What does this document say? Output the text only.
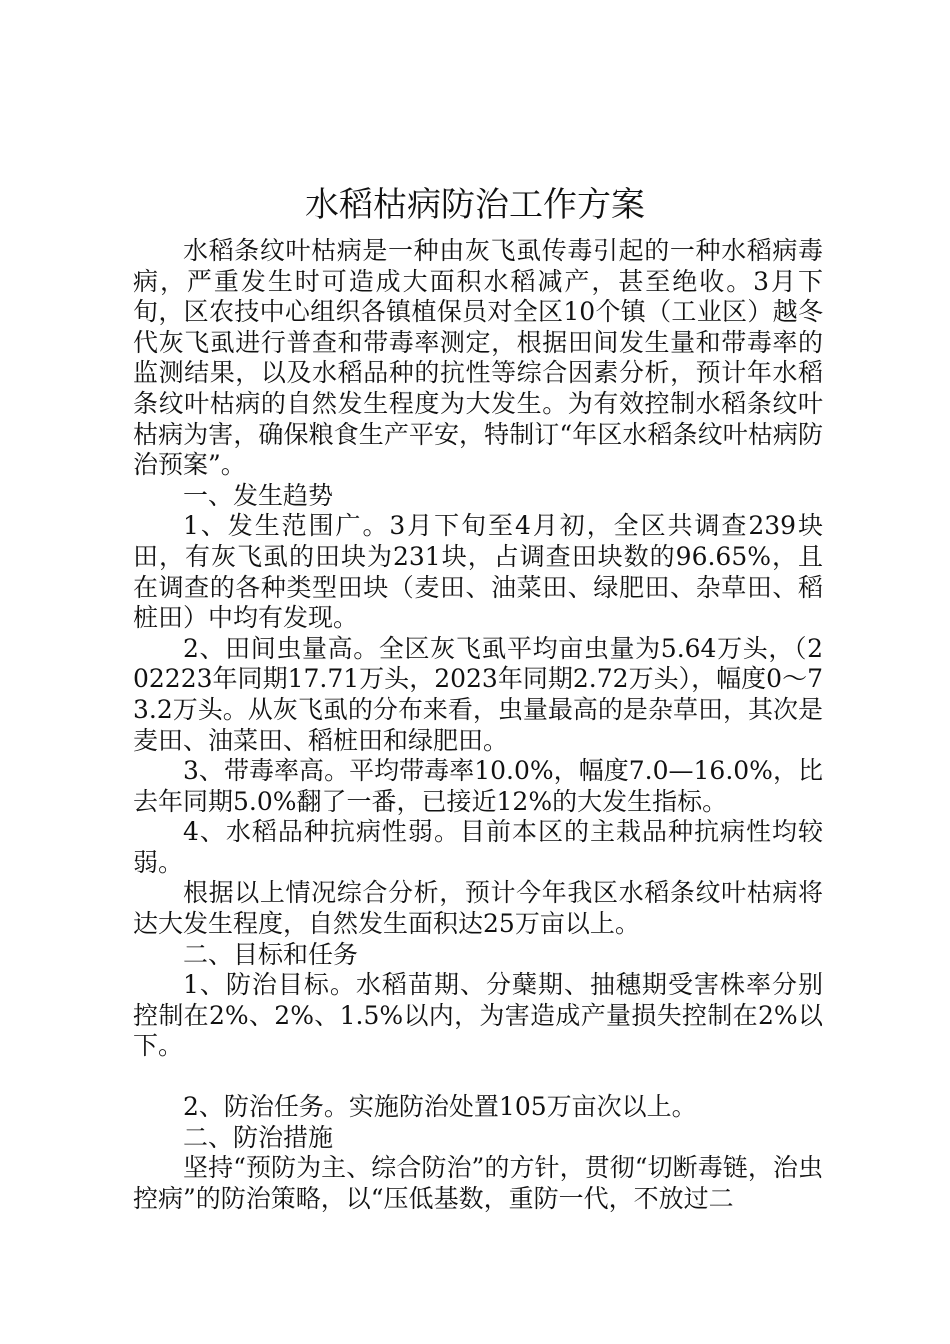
水稻枯病防治工作方案

水稻条纹叶枯病是一种由灰飞虱传毒引起的一种水稻病毒病，严重发生时可造成大面积水稻减产，甚至绝收。3月下旬，区农技中心组织各镇植保员对全区10个镇（工业区）越冬代灰飞虱进行普查和带毒率测定，根据田间发生量和带毒率的监测结果，以及水稻品种的抗性等综合因素分析，预计年水稻条纹叶枯病的自然发生程度为大发生。为有效控制水稻条纹叶枯病为害，确保粮食生产平安，特制订“年区水稻条纹叶枯病防治预案”。

一、发生趋势

1、发生范围广。3月下旬至4月初，全区共调查239块田，有灰飞虱的田块为231块，占调查田块数的96.65%，且在调查的各种类型田块（麦田、油菜田、绿肥田、杂草田、稻桩田）中均有发现。

2、田间虫量高。全区灰飞虱平均亩虫量为5.64万头，（202223年同期17.71万头，2023年同期2.72万头），幅度0～73.2万头。从灰飞虱的分布来看，虫量最高的是杂草田，其次是麦田、油菜田、稻桩田和绿肥田。

3、带毒率高。平均带毒率10.0%，幅度7.0—16.0%，比去年同期5.0%翻了一番，已接近12%的大发生指标。

4、水稻品种抗病性弱。目前本区的主栽品种抗病性均较弱。

根据以上情况综合分析，预计今年我区水稻条纹叶枯病将达大发生程度，自然发生面积达25万亩以上。

二、目标和任务

1、防治目标。水稻苗期、分蘖期、抽穗期受害株率分别控制在2%、2%、1.5%以内，为害造成产量损失控制在2%以下。

2、防治任务。实施防治处置105万亩次以上。

二、防治措施

坚持“预防为主、综合防治”的方针，贯彻“切断毒链，治虫控病”的防治策略，以“压低基数，重防一代，不放过二
